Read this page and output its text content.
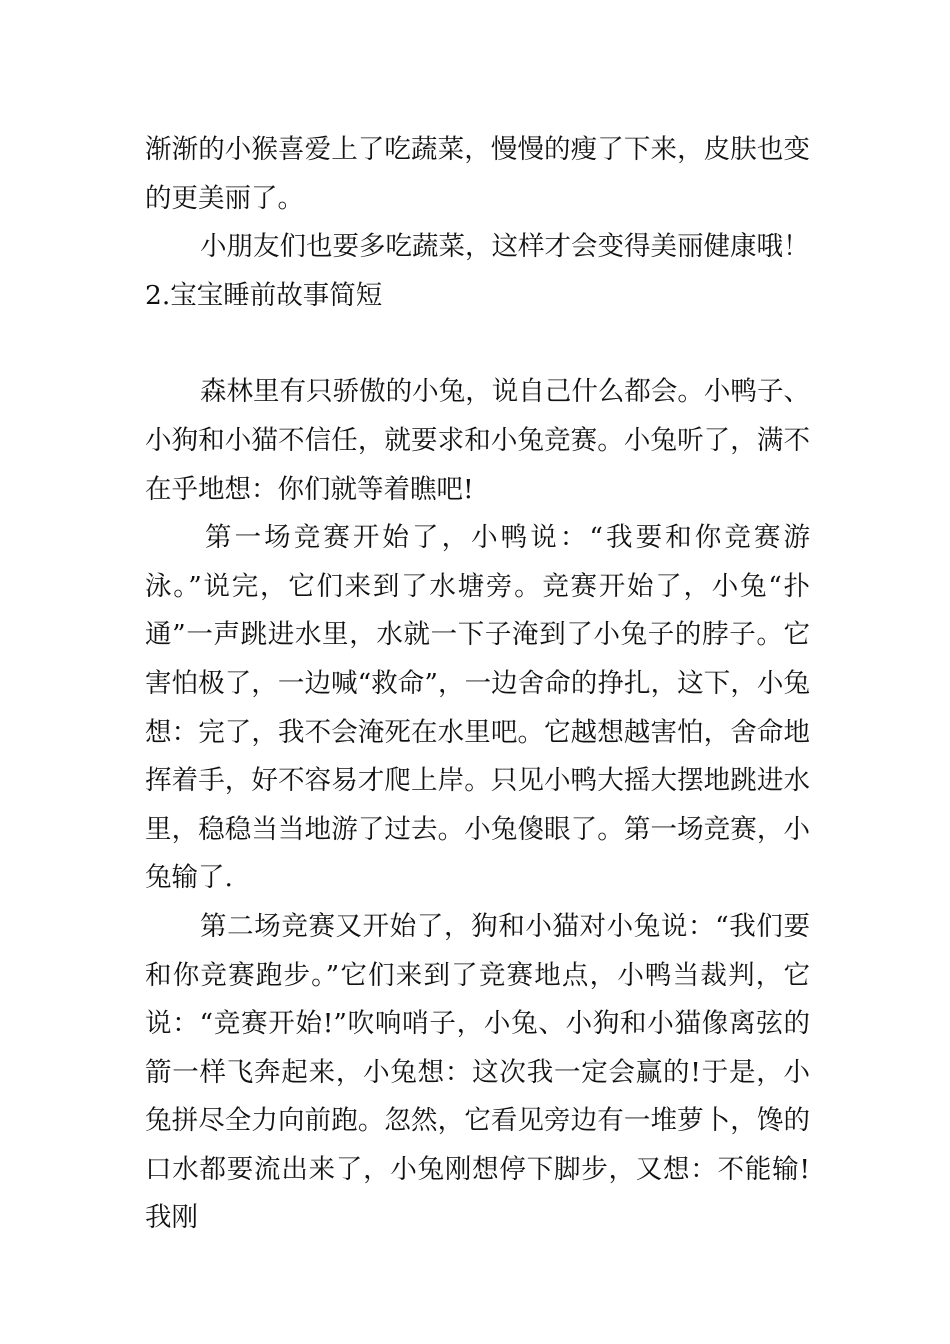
渐渐的小猴喜爱上了吃蔬菜，慢慢的瘦了下来，皮肤也变的更美丽了。

小朋友们也要多吃蔬菜，这样才会变得美丽健康哦！

2.宝宝睡前故事简短

森林里有只骄傲的小兔，说自己什么都会。小鸭子、小狗和小猫不信任，就要求和小兔竞赛。小兔听了，满不在乎地想：你们就等着瞧吧!

第一场竞赛开始了，小鸭说：“我要和你竞赛游泳。”说完，它们来到了水塘旁。竞赛开始了，小兔“扑通”一声跳进水里，水就一下子淹到了小兔子的脖子。它害怕极了，一边喊“救命”，一边舍命的挣扎，这下，小兔想：完了，我不会淹死在水里吧。它越想越害怕，舍命地挥着手，好不容易才爬上岸。只见小鸭大摇大摆地跳进水里，稳稳当当地游了过去。小兔傻眼了。第一场竞赛，小兔输了.

第二场竞赛又开始了，狗和小猫对小兔说：“我们要和你竞赛跑步。”它们来到了竞赛地点，小鸭当裁判，它说：“竞赛开始!”吹响哨子，小兔、小狗和小猫像离弦的箭一样飞奔起来，小兔想：这次我一定会赢的!于是，小兔拼尽全力向前跑。忽然，它看见旁边有一堆萝卜，馋的口水都要流出来了，小兔刚想停下脚步，又想：不能输!我刚
